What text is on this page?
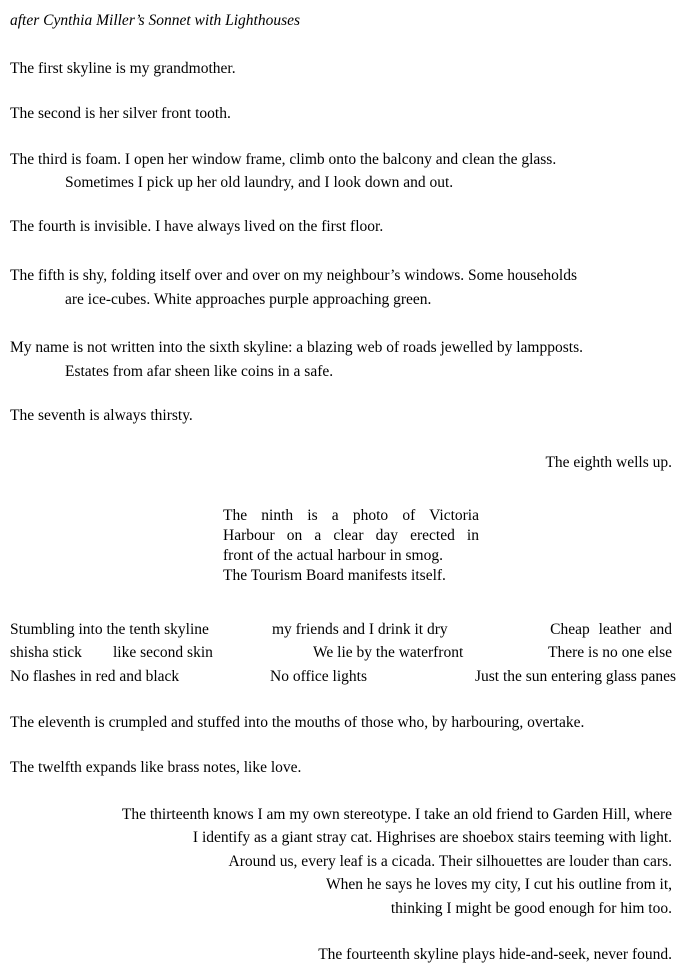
after Cynthia Miller’s Sonnet with Lighthouses
The first skyline is my grandmother.
The second is her silver front tooth.
The third is foam. I open her window frame, climb onto the balcony and clean the glass.
Sometimes I pick up her old laundry, and I look down and out.
The fourth is invisible. I have always lived on the first floor.
The fifth is shy, folding itself over and over on my neighbour’s windows. Some households
are ice-cubes. White approaches purple approaching green.
My name is not written into the sixth skyline: a blazing web of roads jewelled by lampposts.
Estates from afar sheen like coins in a safe.
The seventh is always thirsty.
The eighth wells up.
The ninth is a photo of Victoria
Harbour on a clear day erected in
front of the actual harbour in smog.
The Tourism Board manifests itself.
Stumbling into the tenth skyline	my friends and I drink it dry	Cheap leather and
shisha stick like second skin	We lie by the waterfront	There is no one else
No flashes in red and black	No office lights	Just the sun entering glass panes
The eleventh is crumpled and stuffed into the mouths of those who, by harbouring, overtake.
The twelfth expands like brass notes, like love.
The thirteenth knows I am my own stereotype. I take an old friend to Garden Hill, where
I identify as a giant stray cat. Highrises are shoebox stairs teeming with light.
Around us, every leaf is a cicada. Their silhouettes are louder than cars.
When he says he loves my city, I cut his outline from it,
thinking I might be good enough for him too.
The fourteenth skyline plays hide-and-seek, never found.
